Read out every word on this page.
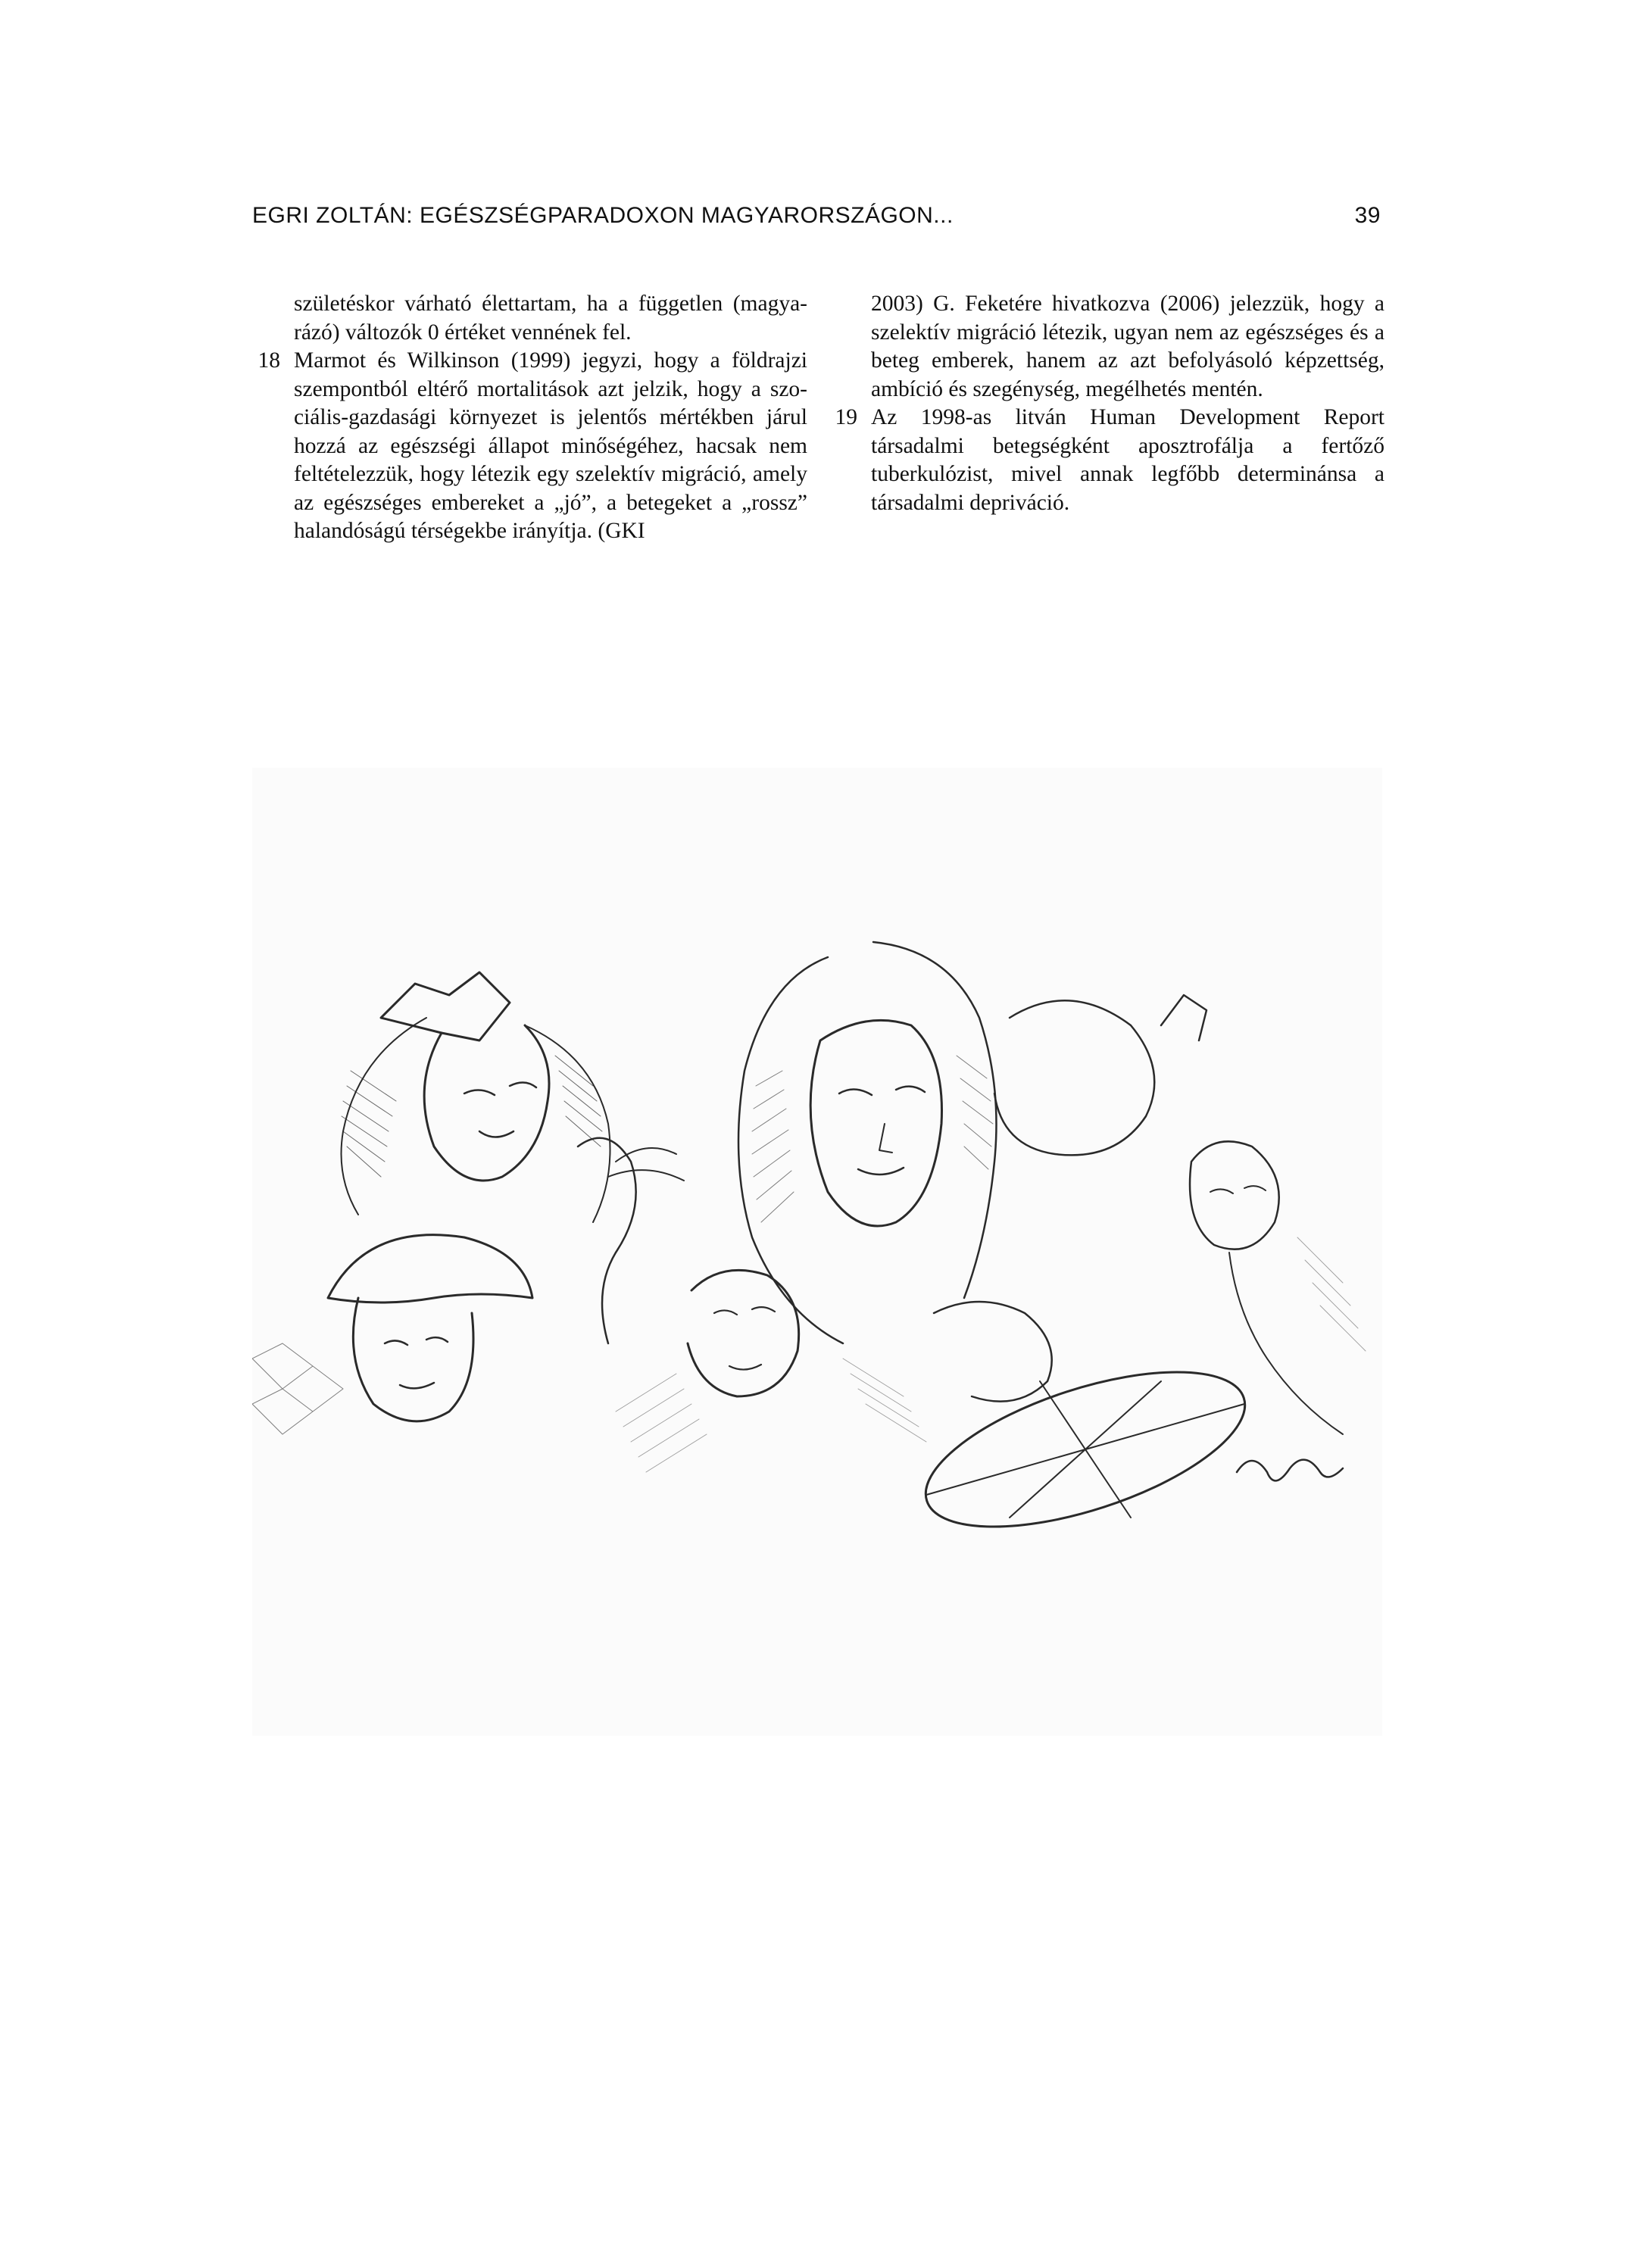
EGRI ZOLTÁN: EGÉSZSÉGPARADOXON MAGYARORSZÁGON...	39

születéskor várható élettartam, ha a független (magya-rázó) változók 0 értéket vennének fel.

18 Marmot és Wilkinson (1999) jegyzi, hogy a földrajzi szempontból eltérő mortalitások azt jelzik, hogy a szo-ciális-gazdasági környezet is jelentős mértékben járul hozzá az egészségi állapot minőségéhez, hacsak nem feltételezzük, hogy létezik egy szelektív migráció, amely az egészséges embereket a „jó”, a betegeket a „rossz” halandóságú térségekbe irányítja. (GKI

2003) G. Feketére hivatkozva (2006) jelezzük, hogy a szelektív migráció létezik, ugyan nem az egészséges és a beteg emberek, hanem az azt befolyásoló képzettség, ambíció és szegénység, megélhetés mentén.

19 Az 1998-as litván Human Development Report társadalmi betegségként aposztrofálja a fertőző tuberkulózist, mivel annak legfőbb determinánsa a társadalmi depriváció.
